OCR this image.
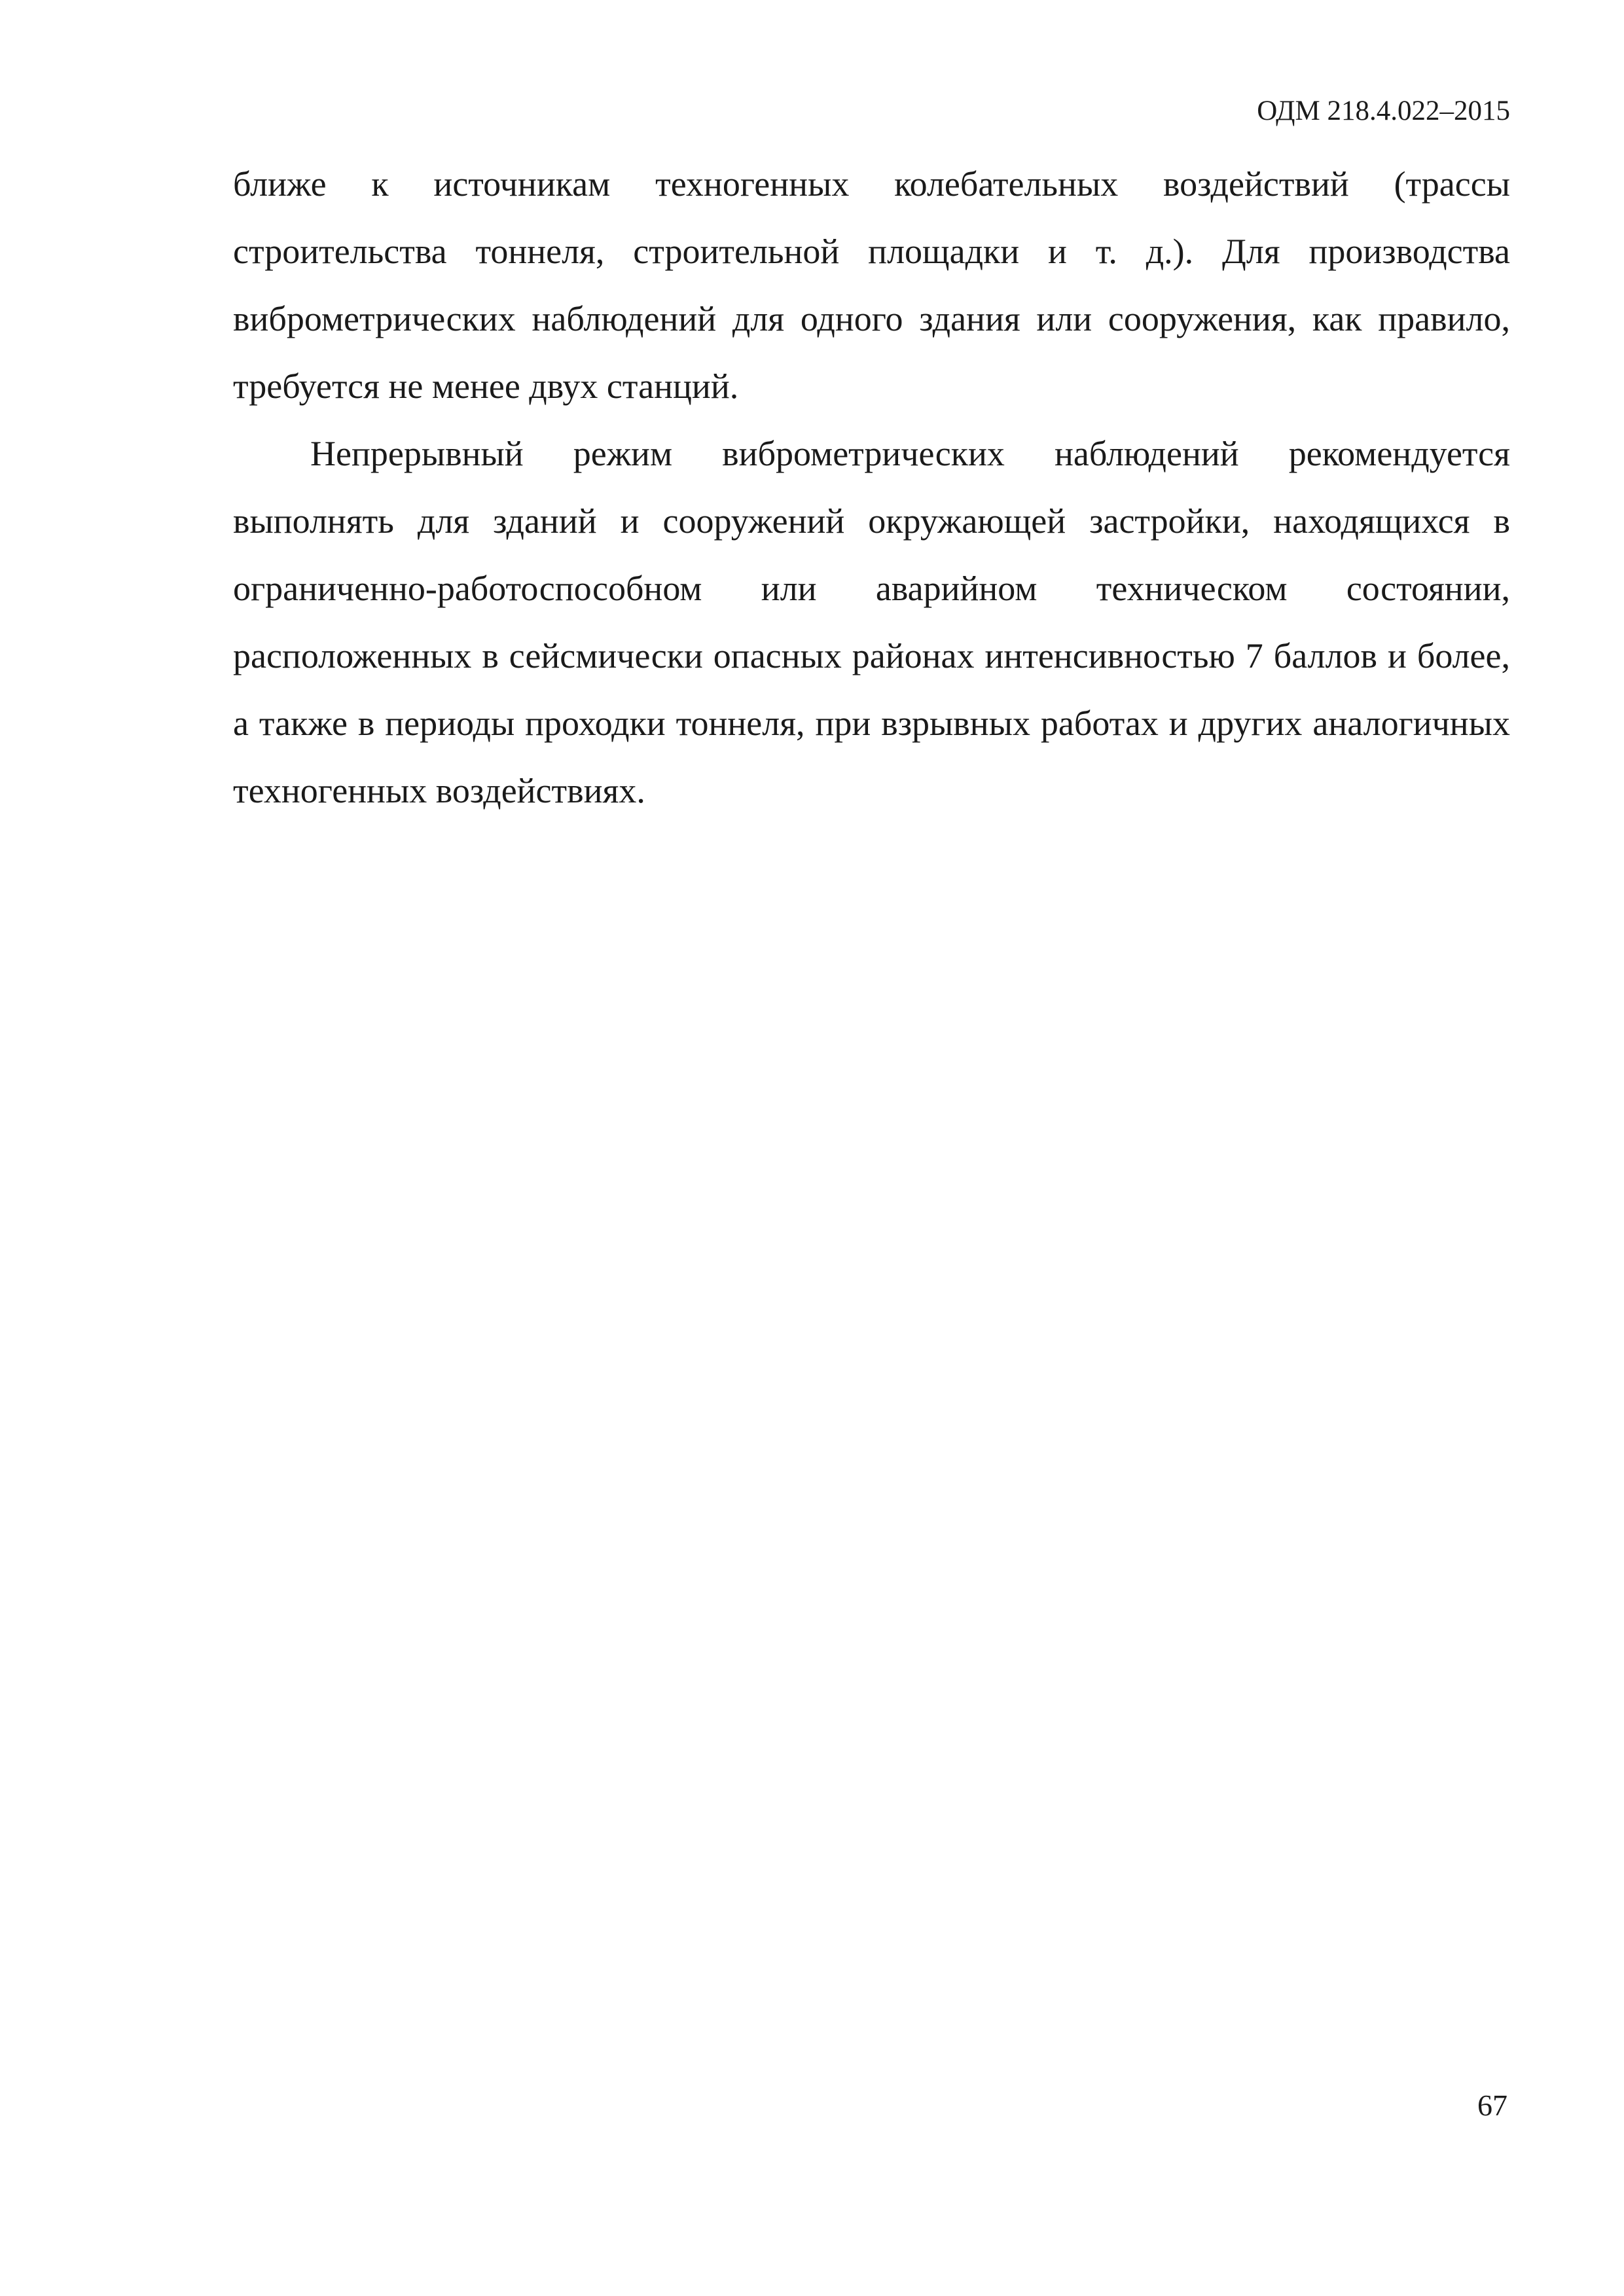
ОДМ 218.4.022–2015

ближе к источникам техногенных колебательных воздействий (трассы строительства тоннеля, строительной площадки и т. д.). Для производства виброметрических наблюдений для одного здания или сооружения, как правило, требуется не менее двух станций.

Непрерывный режим виброметрических наблюдений рекомендуется выполнять для зданий и сооружений окружающей застройки, находящихся в ограниченно-работоспособном или аварийном техническом состоянии, расположенных в сейсмически опасных районах интенсивностью 7 баллов и более, а также в периоды проходки тоннеля, при взрывных работах и других аналогичных техногенных воздействиях.

67
